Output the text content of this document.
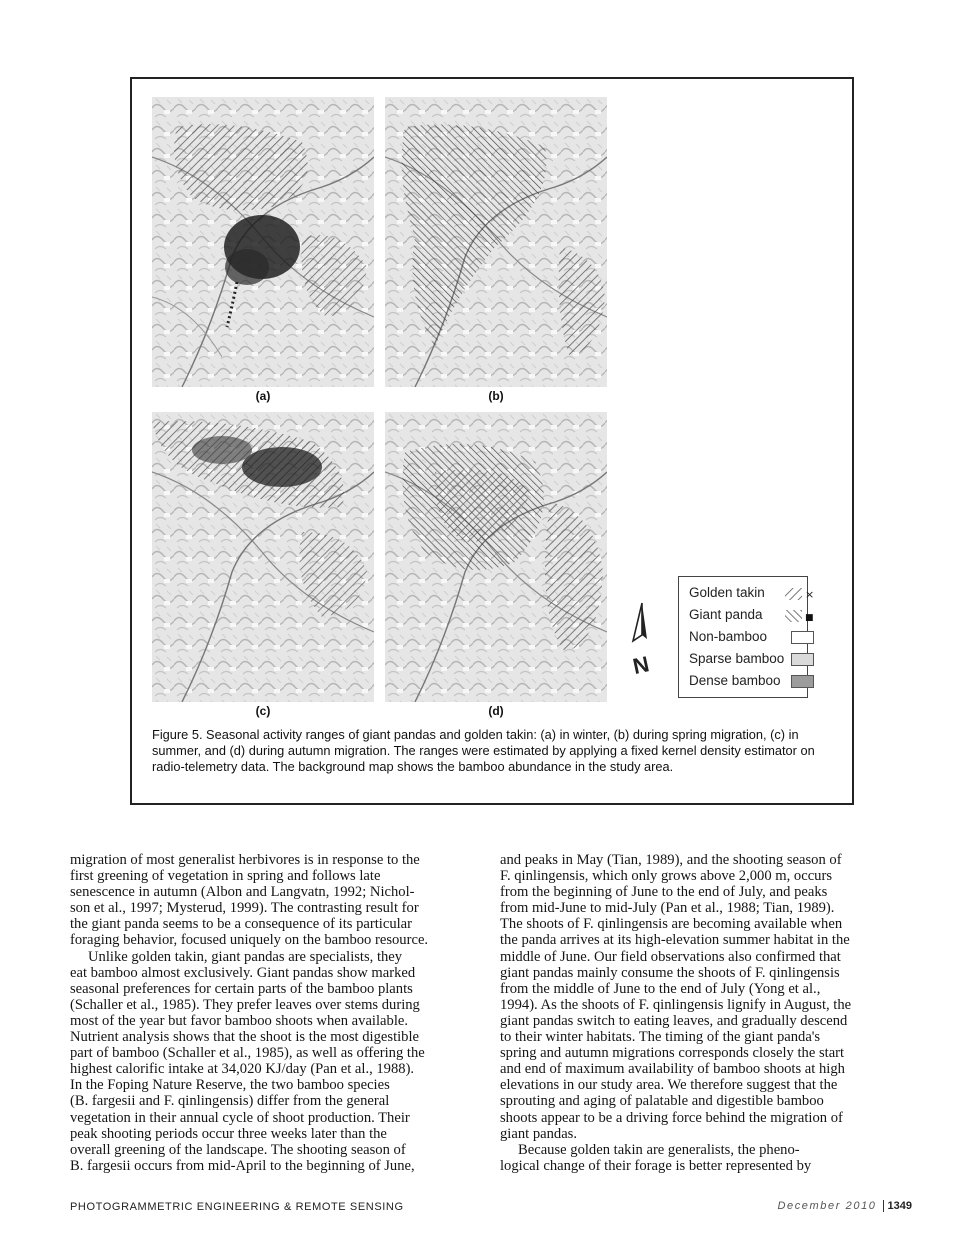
(a)	(b)
(c)	(d)
N
Golden takin	×
Giant panda	■
Non-bamboo
Sparse bamboo
Dense bamboo
Figure 5. Seasonal activity ranges of giant pandas and golden takin: (a) in winter, (b) during spring migration, (c) in summer, and (d) during autumn migration. The ranges were estimated by applying a fixed kernel density estimator on radio-telemetry data. The background map shows the bamboo abundance in the study area.
migration of most generalist herbivores is in response to the
first greening of vegetation in spring and follows late
senescence in autumn (Albon and Langvatn, 1992; Nichol-
son et al., 1997; Mysterud, 1999). The contrasting result for
the giant panda seems to be a consequence of its particular
foraging behavior, focused uniquely on the bamboo resource.
Unlike golden takin, giant pandas are specialists, they
eat bamboo almost exclusively. Giant pandas show marked
seasonal preferences for certain parts of the bamboo plants
(Schaller et al., 1985). They prefer leaves over stems during
most of the year but favor bamboo shoots when available.
Nutrient analysis shows that the shoot is the most digestible
part of bamboo (Schaller et al., 1985), as well as offering the
highest calorific intake at 34,020 KJ/day (Pan et al., 1988).
In the Foping Nature Reserve, the two bamboo species
(B. fargesii and F. qinlingensis) differ from the general
vegetation in their annual cycle of shoot production. Their
peak shooting periods occur three weeks later than the
overall greening of the landscape. The shooting season of
B. fargesii occurs from mid-April to the beginning of June,
and peaks in May (Tian, 1989), and the shooting season of
F. qinlingensis, which only grows above 2,000 m, occurs
from the beginning of June to the end of July, and peaks
from mid-June to mid-July (Pan et al., 1988; Tian, 1989).
The shoots of F. qinlingensis are becoming available when
the panda arrives at its high-elevation summer habitat in the
middle of June. Our field observations also confirmed that
giant pandas mainly consume the shoots of F. qinlingensis
from the middle of June to the end of July (Yong et al.,
1994). As the shoots of F. qinlingensis lignify in August, the
giant pandas switch to eating leaves, and gradually descend
to their winter habitats. The timing of the giant panda's
spring and autumn migrations corresponds closely the start
and end of maximum availability of bamboo shoots at high
elevations in our study area. We therefore suggest that the
sprouting and aging of palatable and digestible bamboo
shoots appear to be a driving force behind the migration of
giant pandas.
Because golden takin are generalists, the pheno-
logical change of their forage is better represented by
PHOTOGRAMMETRIC ENGINEERING & REMOTE SENSING	December 2010 1349
